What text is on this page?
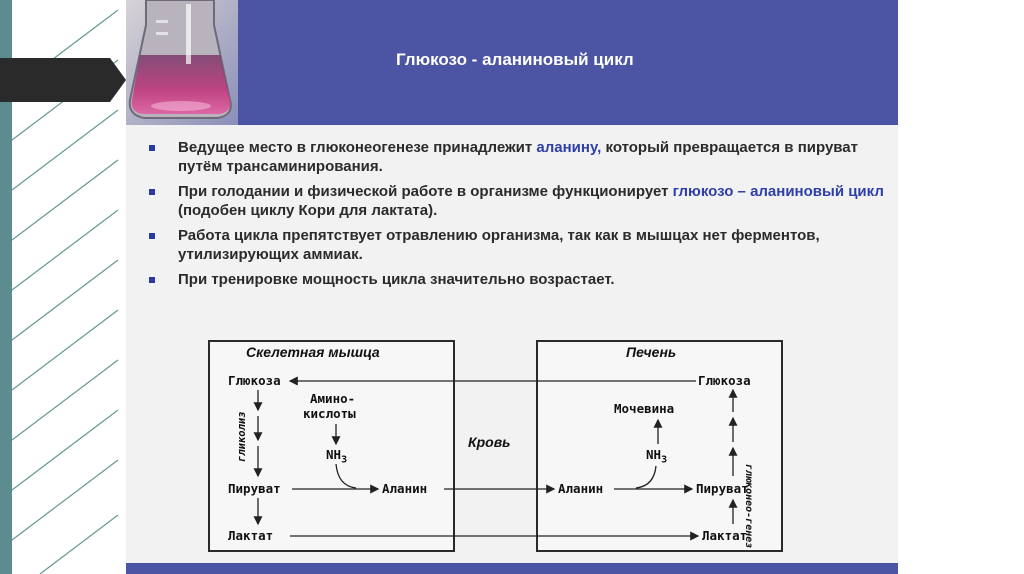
Глюкозо - аланиновый цикл
Ведущее место в глюконеогенезе принадлежит аланину, который превращается в пируват путём трансаминирования.
При голодании и физической работе в организме функционирует глюкозо – аланиновый цикл (подобен циклу Кори для лактата).
Работа цикла препятствует отравлению организма, так как в мышцах нет ферментов, утилизирующих аммиак.
При тренировке мощность цикла значительно возрастает.
Скелетная мышца	Печень
Кровь
Глюкоза
гликолиз
Амино-
кислоты
$NH_3$
Пируват	Аланин
Лактат
Глюкоза
Мочевина
$NH_3$
глюконео-генез
Аланин	Пируват
Лактат
